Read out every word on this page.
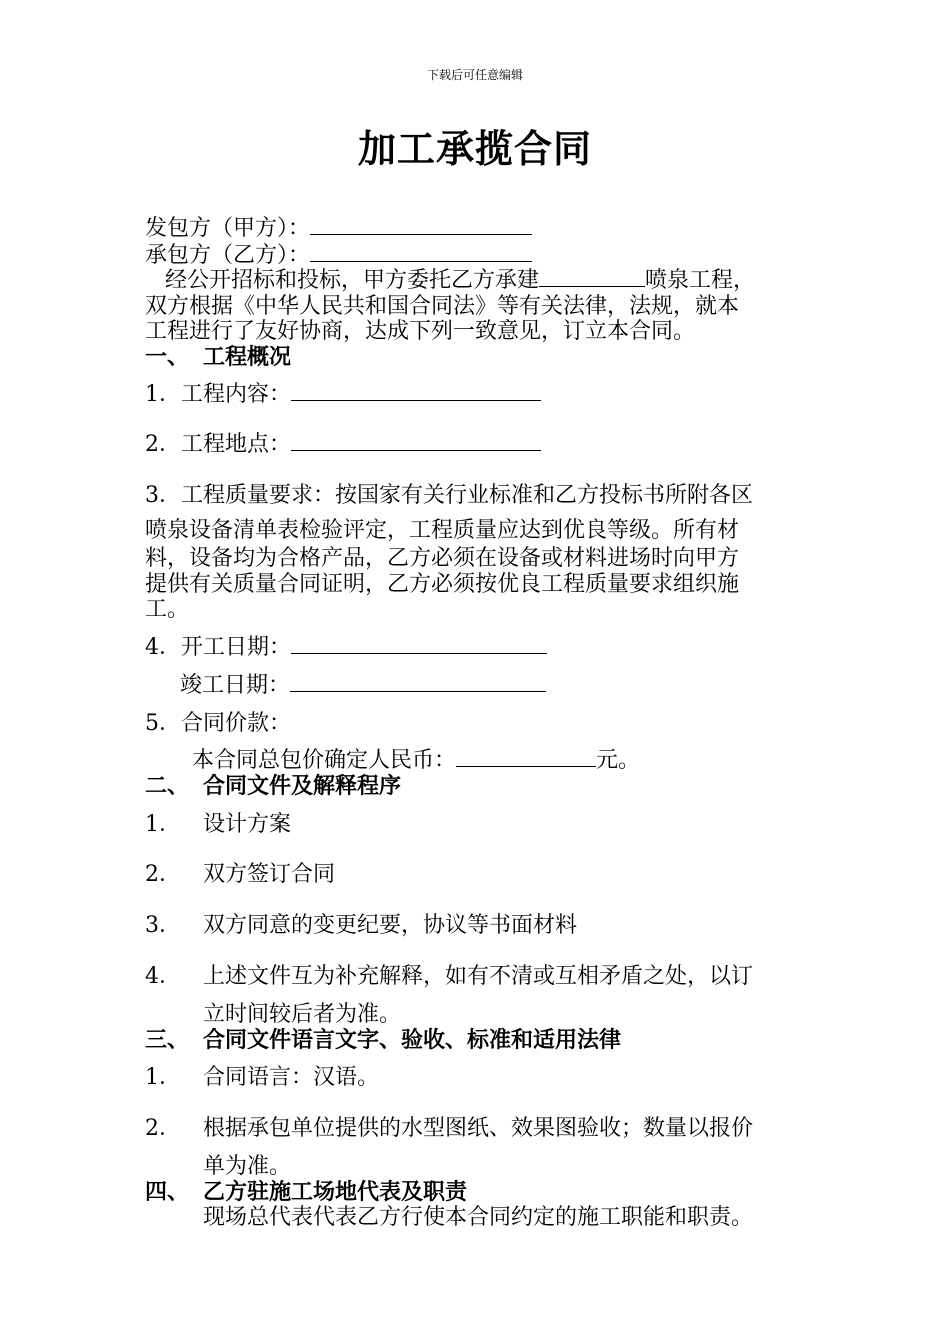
下载后可任意编辑
加工承揽合同
发包方（甲方）：
承包方（乙方）：
经公开招标和投标，甲方委托乙方承建	喷泉工程，
双方根据《中华人民共和国合同法》等有关法律，法规，就本
工程进行了友好协商，达成下列一致意见，订立本合同。
一、 工程概况
1．工程内容：
2．工程地点：
3．工程质量要求：按国家有关行业标准和乙方投标书所附各区
喷泉设备清单表检验评定，工程质量应达到优良等级。所有材
料，设备均为合格产品，乙方必须在设备或材料进场时向甲方
提供有关质量合同证明，乙方必须按优良工程质量要求组织施
工。
4．开工日期：
竣工日期：
5．合同价款：
本合同总包价确定人民币：	元。
二、 合同文件及解释程序
1． 设计方案
2． 双方签订合同
3． 双方同意的变更纪要，协议等书面材料
4． 上述文件互为补充解释，如有不清或互相矛盾之处，以订
立时间较后者为准。
三、 合同文件语言文字、验收、标准和适用法律
1． 合同语言：汉语。
2． 根据承包单位提供的水型图纸、效果图验收；数量以报价
单为准。
四、 乙方驻施工场地代表及职责
现场总代表代表乙方行使本合同约定的施工职能和职责。
